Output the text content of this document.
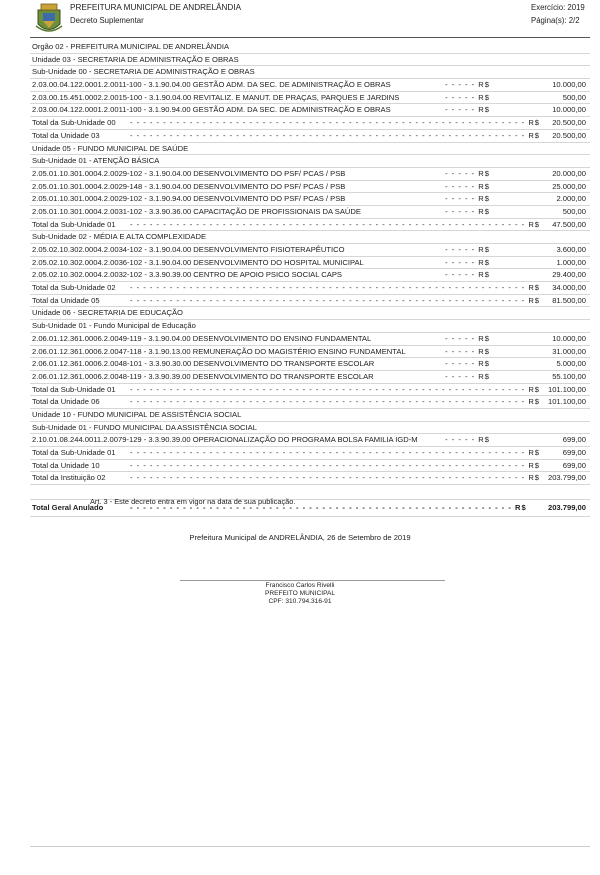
PREFEITURA MUNICIPAL DE ANDRELÂNDIA
Decreto Suplementar
Exercício: 2019
Página(s): 2/2
Orgão 02 - PREFEITURA MUNICIPAL DE ANDRELÂNDIA
Unidade 03 - SECRETARIA DE ADMINISTRAÇÃO E OBRAS
Sub-Unidade 00 - SECRETARIA DE ADMINISTRAÇÃO E OBRAS
2.03.00.04.122.0001.2.0011-100 - 3.1.90.04.00 GESTÃO ADM. DA SEC. DE ADMINISTRAÇÃO E OBRAS	- - - - - R$	10.000,00
2.03.00.15.451.0002.2.0015-100 - 3.1.90.04.00 REVITALIZ. E MANUT. DE PRAÇAS, PARQUES E JARDINS	- - - - - R$	500,00
2.03.00.04.122.0001.2.0011-100 - 3.1.90.94.00 GESTÃO ADM. DA SEC. DE ADMINISTRAÇÃO E OBRAS	- - - - - R$	10.000,00
Total da Sub-Unidade 00 - - - - - - - - - - - - - - - - - - - - - - - - - - - - - - - - - - - - - - - - - - - - - - - - - - - - - - - - - - - - R$ 20.500,00
Total da Unidade 03	- - - - - - - - - - - - - - - - - - - - - - - - - - - - - - - - - - - - - - - - - - - - - - - - - - - - - - - - - - - - R$ 20.500,00
Unidade 05 - FUNDO MUNICIPAL DE SAÚDE
Sub-Unidade 01 - ATENÇÃO BÁSICA
2.05.01.10.301.0004.2.0029-102 - 3.1.90.04.00 DESENVOLVIMENTO DO PSF/ PCAS / PSB	- - - - - R$	20.000,00
2.05.01.10.301.0004.2.0029-148 - 3.1.90.04.00 DESENVOLVIMENTO DO PSF/ PCAS / PSB	- - - - - R$	25.000,00
2.05.01.10.301.0004.2.0029-102 - 3.1.90.94.00 DESENVOLVIMENTO DO PSF/ PCAS / PSB	- - - - - R$	2.000,00
2.05.01.10.301.0004.2.0031-102 - 3.3.90.36.00 CAPACITAÇÃO DE PROFISSIONAIS DA SAÚDE	- - - - - R$	500,00
Total da Sub-Unidade 01 - - - - - - - - - - - - - - - - - - - - - - - - - - - - - - - - - - - - - - - - - - - - - - - - - - - - - - - - - - - - R$ 47.500,00
Sub-Unidade 02 - MÉDIA E ALTA COMPLEXIDADE
2.05.02.10.302.0004.2.0034-102 - 3.1.90.04.00 DESENVOLVIMENTO FISIOTERAPÊUTICO	- - - - - R$	3.600,00
2.05.02.10.302.0004.2.0036-102 - 3.1.90.04.00 DESENVOLVIMENTO DO HOSPITAL MUNICIPAL	- - - - - R$	1.000,00
2.05.02.10.302.0004.2.0032-102 - 3.3.90.39.00 CENTRO DE APOIO PSICO SOCIAL CAPS	- - - - - R$	29.400,00
Total da Sub-Unidade 02 - - - - - - - - - - - - - - - - - - - - - - - - - - - - - - - - - - - - - - - - - - - - - - - - - - - - - - - - - - - - R$ 34.000,00
Total da Unidade 05	- - - - - - - - - - - - - - - - - - - - - - - - - - - - - - - - - - - - - - - - - - - - - - - - - - - - - - - - - - - - R$ 81.500,00
Unidade 06 - SECRETARIA DE EDUCAÇÃO
Sub-Unidade 01 - Fundo Municipal de Educação
2.06.01.12.361.0006.2.0049-119 - 3.1.90.04.00 DESENVOLVIMENTO DO ENSINO FUNDAMENTAL	- - - - - R$	10.000,00
2.06.01.12.361.0006.2.0047-118 - 3.1.90.13.00 REMUNERAÇÃO DO MAGISTÉRIO ENSINO FUNDAMENTAL	- - - - - R$	31.000,00
2.06.01.12.361.0006.2.0048-101 - 3.3.90.30.00 DESENVOLVIMENTO DO TRANSPORTE ESCOLAR	- - - - - R$	5.000,00
2.06.01.12.361.0006.2.0048-119 - 3.3.90.39.00 DESENVOLVIMENTO DO TRANSPORTE ESCOLAR	- - - - - R$	55.100,00
Total da Sub-Unidade 01 - - - - - - - - - - - - - - - - - - - - - - - - - - - - - - - - - - - - - - - - - - - - - - - - - - - - - - - - - - - - R$ 101.100,00
Total da Unidade 06	- - - - - - - - - - - - - - - - - - - - - - - - - - - - - - - - - - - - - - - - - - - - - - - - - - - - - - - - - - - - R$ 101.100,00
Unidade 10 - FUNDO MUNICIPAL DE ASSISTÊNCIA SOCIAL
Sub-Unidade 01 - FUNDO MUNICIPAL DA ASSISTÊNCIA SOCIAL
2.10.01.08.244.0011.2.0079-129 - 3.3.90.39.00 OPERACIONALIZAÇÃO DO PROGRAMA BOLSA FAMILIA IGD-M	- - - - - R$	699,00
Total da Sub-Unidade 01 - - - - - - - - - - - - - - - - - - - - - - - - - - - - - - - - - - - - - - - - - - - - - - - - - - - - - - - - - - - - R$	699,00
Total da Unidade 10	- - - - - - - - - - - - - - - - - - - - - - - - - - - - - - - - - - - - - - - - - - - - - - - - - - - - - - - - - - - - R$	699,00
Total da Instituição 02	- - - - - - - - - - - - - - - - - - - - - - - - - - - - - - - - - - - - - - - - - - - - - - - - - - - - - - - - - - - - R$ 203.799,00
Total Geral Anulado	- - - - - - - - - - - - - - - - - - - - - - - - - - - - - - - - - - - - - - - - - - - - - - - - - - - - - - - - - - R$	203.799,00
Art. 3 - Este decreto entra em vigor na data de sua publicação.
Prefeitura Municipal de ANDRELÂNDIA, 26 de Setembro de 2019
Francisco Carlos Rivelli
PREFEITO MUNICIPAL
CPF: 310.794.316-91
